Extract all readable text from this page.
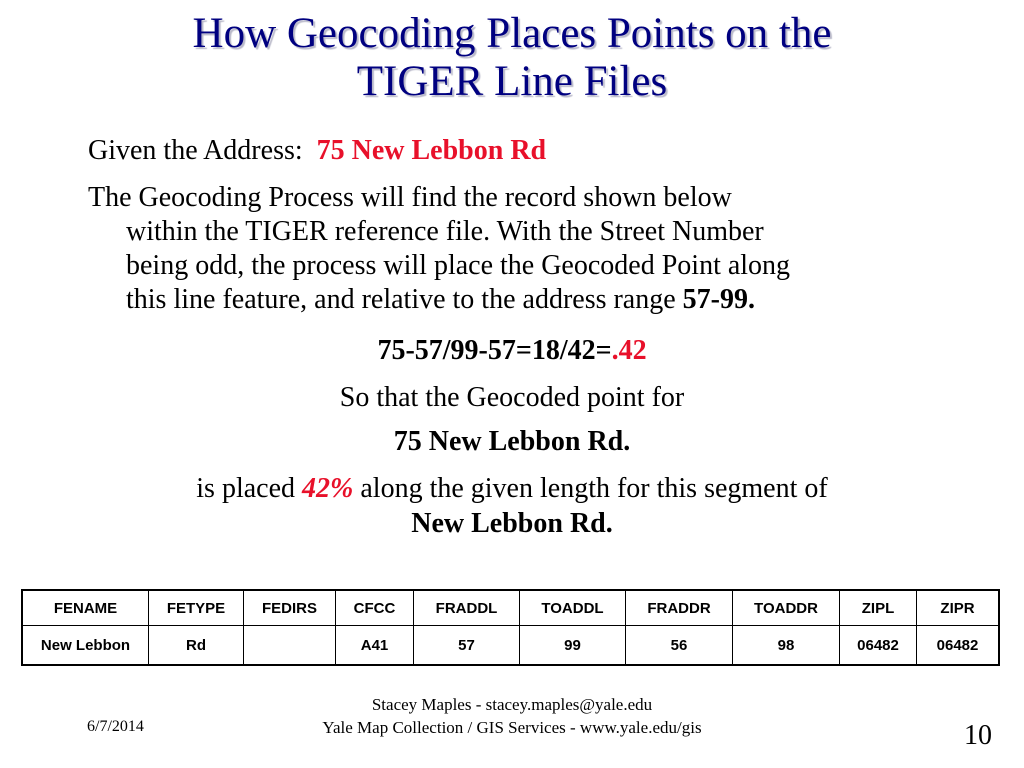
How Geocoding Places Points on the
TIGER Line Files
Given the Address: 75 New Lebbon Rd
The Geocoding Process will find the record shown below
within the TIGER reference file. With the Street Number
being odd, the process will place the Geocoded Point along
this line feature, and relative to the address range 57-99.
75-57/99-57=18/42=.42
So that the Geocoded point for
75 New Lebbon Rd.
is placed 42% along the given length for this segment of
New Lebbon Rd.
FENAME	FETYPE	FEDIRS	CFCC	FRADDL	TOADDL	FRADDR	TOADDR	ZIPL	ZIPR
New Lebbon	Rd		A41	57	99	56	98	06482	06482
6/7/2014
Stacey Maples - stacey.maples@yale.edu
Yale Map Collection / GIS Services - www.yale.edu/gis	10
